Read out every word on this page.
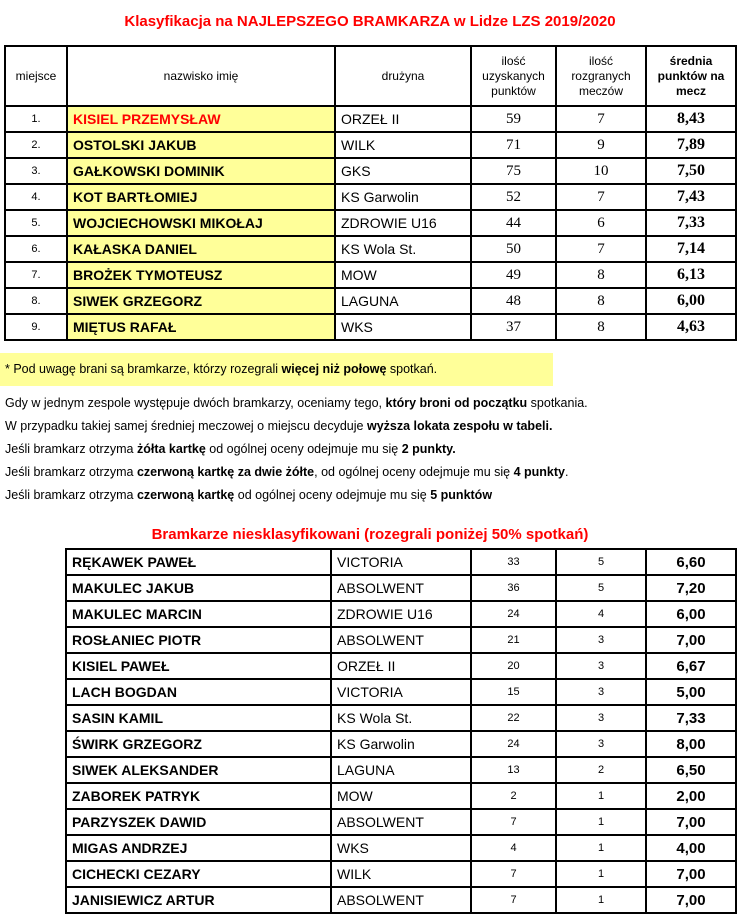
Klasyfikacja na NAJLEPSZEGO BRAMKARZA w Lidze LZS 2019/2020
miejsce	nazwisko imię	drużyna	ilość uzyskanych punktów	ilość rozgranych meczów	średnia punktów na mecz
1.	KISIEL PRZEMYSŁAW	ORZEŁ II	59	7	8,43
2.	OSTOLSKI JAKUB	WILK	71	9	7,89
3.	GAŁKOWSKI DOMINIK	GKS	75	10	7,50
4.	KOT BARTŁOMIEJ	KS Garwolin	52	7	7,43
5.	WOJCIECHOWSKI MIKOŁAJ	ZDROWIE U16	44	6	7,33
6.	KAŁASKA DANIEL	KS Wola St.	50	7	7,14
7.	BROŻEK TYMOTEUSZ	MOW	49	8	6,13
8.	SIWEK GRZEGORZ	LAGUNA	48	8	6,00
9.	MIĘTUS RAFAŁ	WKS	37	8	4,63
* Pod uwagę brani są bramkarze, którzy rozegrali więcej niż połowę spotkań.
Gdy w jednym zespole występuje dwóch bramkarzy, oceniamy tego, który broni od początku spotkania.
W przypadku takiej samej średniej meczowej o miejscu decyduje wyższa lokata zespołu w tabeli.
Jeśli bramkarz otrzyma żółta kartkę od ogólnej oceny odejmuje mu się 2 punkty.
Jeśli bramkarz otrzyma czerwoną kartkę za dwie żółte, od ogólnej oceny odejmuje mu się 4 punkty.
Jeśli bramkarz otrzyma czerwoną kartkę od ogólnej oceny odejmuje mu się 5 punktów
Bramkarze niesklasyfikowani (rozegrali poniżej 50% spotkań)
RĘKAWEK PAWEŁ	VICTORIA	33	5	6,60
MAKULEC JAKUB	ABSOLWENT	36	5	7,20
MAKULEC MARCIN	ZDROWIE U16	24	4	6,00
ROSŁANIEC PIOTR	ABSOLWENT	21	3	7,00
KISIEL PAWEŁ	ORZEŁ II	20	3	6,67
LACH BOGDAN	VICTORIA	15	3	5,00
SASIN KAMIL	KS Wola St.	22	3	7,33
ŚWIRK GRZEGORZ	KS Garwolin	24	3	8,00
SIWEK ALEKSANDER	LAGUNA	13	2	6,50
ZABOREK PATRYK	MOW	2	1	2,00
PARZYSZEK DAWID	ABSOLWENT	7	1	7,00
MIGAS ANDRZEJ	WKS	4	1	4,00
CICHECKI CEZARY	WILK	7	1	7,00
JANISIEWICZ ARTUR	ABSOLWENT	7	1	7,00
